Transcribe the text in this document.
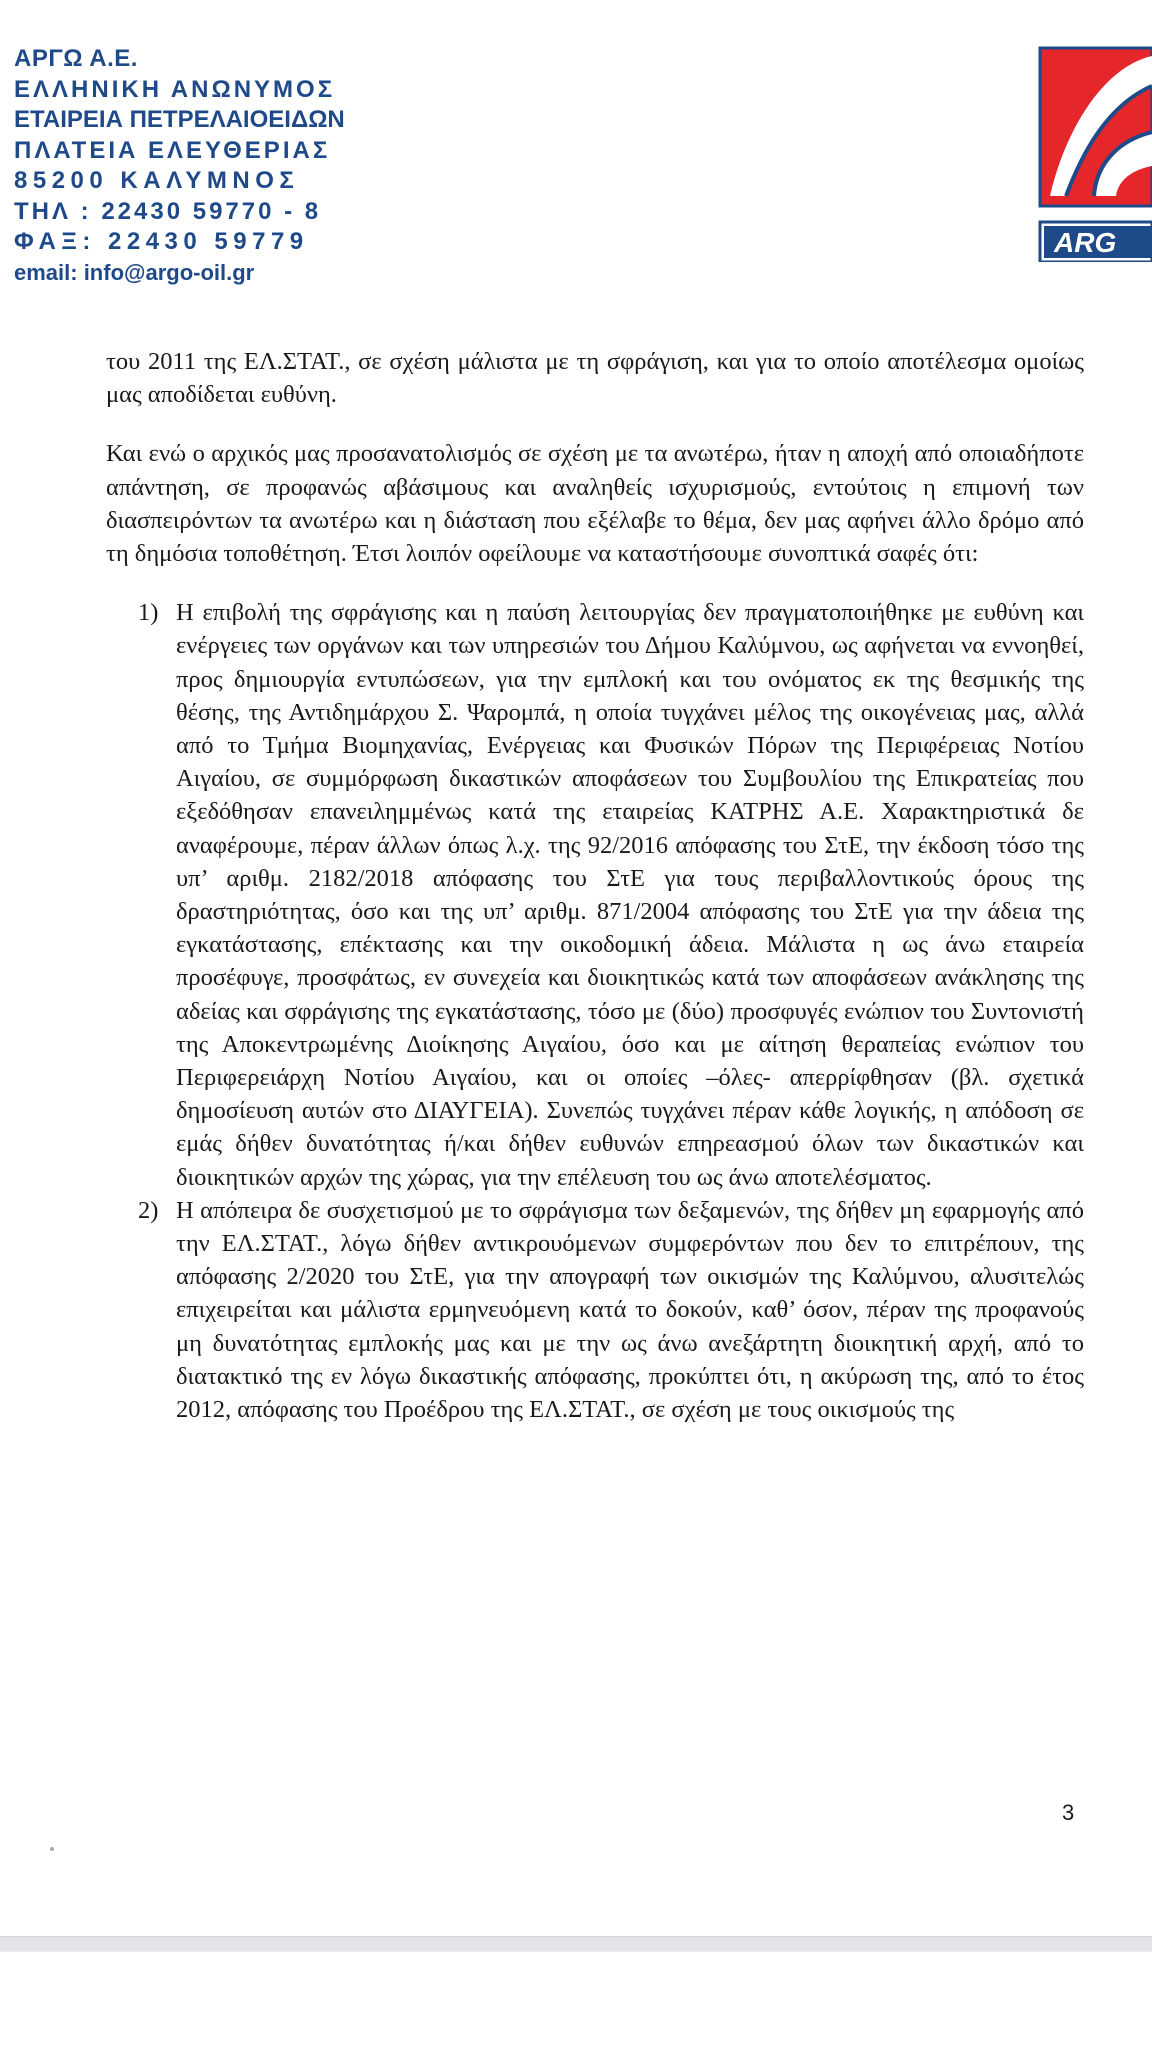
ΑΡΓΩ Α.Ε.
ΕΛΛΗΝΙΚΗ ΑΝΩΝΥΜΟΣ
ΕΤΑΙΡΕΙΑ ΠΕΤΡΕΛΑΙΟΕΙΔΩΝ
ΠΛΑΤΕΙΑ ΕΛΕΥΘΕΡΙΑΣ
85200 ΚΑΛΥΜΝΟΣ
ΤΗΛ : 22430 59770 - 8
ΦΑΞ: 22430 59779
email: info@argo-oil.gr
ARG

του 2011 της ΕΛ.ΣΤΑΤ., σε σχέση μάλιστα με τη σφράγιση, και για το οποίο αποτέλεσμα ομοίως μας αποδίδεται ευθύνη.

Και ενώ ο αρχικός μας προσανατολισμός σε σχέση με τα ανωτέρω, ήταν η αποχή από οποιαδήποτε απάντηση, σε προφανώς αβάσιμους και αναληθείς ισχυρισμούς, εντούτοις η επιμονή των διασπειρόντων τα ανωτέρω και η διάσταση που εξέλαβε το θέμα, δεν μας αφήνει άλλο δρόμο από τη δημόσια τοποθέτηση. Έτσι λοιπόν οφείλουμε να καταστήσουμε συνοπτικά σαφές ότι:

1) Η επιβολή της σφράγισης και η παύση λειτουργίας δεν πραγματοποιήθηκε με ευθύνη και ενέργειες των οργάνων και των υπηρεσιών του Δήμου Καλύμνου, ως αφήνεται να εννοηθεί, προς δημιουργία εντυπώσεων, για την εμπλοκή και του ονόματος εκ της θεσμικής της θέσης, της Αντιδημάρχου Σ. Ψαρομπά, η οποία τυγχάνει μέλος της οικογένειας μας, αλλά από το Τμήμα Βιομηχανίας, Ενέργειας και Φυσικών Πόρων της Περιφέρειας Νοτίου Αιγαίου, σε συμμόρφωση δικαστικών αποφάσεων του Συμβουλίου της Επικρατείας που εξεδόθησαν επανειλημμένως κατά της εταιρείας ΚΑΤΡΗΣ Α.Ε. Χαρακτηριστικά δε αναφέρουμε, πέραν άλλων όπως λ.χ. της 92/2016 απόφασης του ΣτΕ, την έκδοση τόσο της υπ’ αριθμ. 2182/2018 απόφασης του ΣτΕ για τους περιβαλλοντικούς όρους της δραστηριότητας, όσο και της υπ’ αριθμ. 871/2004 απόφασης του ΣτΕ για την άδεια της εγκατάστασης, επέκτασης και την οικοδομική άδεια. Μάλιστα η ως άνω εταιρεία προσέφυγε, προσφάτως, εν συνεχεία και διοικητικώς κατά των αποφάσεων ανάκλησης της αδείας και σφράγισης της εγκατάστασης, τόσο με (δύο) προσφυγές ενώπιον του Συντονιστή της Αποκεντρωμένης Διοίκησης Αιγαίου, όσο και με αίτηση θεραπείας ενώπιον του Περιφερειάρχη Νοτίου Αιγαίου, και οι οποίες –όλες- απερρίφθησαν (βλ. σχετικά δημοσίευση αυτών στο ΔΙΑΥΓΕΙΑ). Συνεπώς τυγχάνει πέραν κάθε λογικής, η απόδοση σε εμάς δήθεν δυνατότητας ή/και δήθεν ευθυνών επηρεασμού όλων των δικαστικών και διοικητικών αρχών της χώρας, για την επέλευση του ως άνω αποτελέσματος.
2) Η απόπειρα δε συσχετισμού με το σφράγισμα των δεξαμενών, της δήθεν μη εφαρμογής από την ΕΛ.ΣΤΑΤ., λόγω δήθεν αντικρουόμενων συμφερόντων που δεν το επιτρέπουν, της απόφασης 2/2020 του ΣτΕ, για την απογραφή των οικισμών της Καλύμνου, αλυσιτελώς επιχειρείται και μάλιστα ερμηνευόμενη κατά το δοκούν, καθ’ όσον, πέραν της προφανούς μη δυνατότητας εμπλοκής μας και με την ως άνω ανεξάρτητη διοικητική αρχή, από το διατακτικό της εν λόγω δικαστικής απόφασης, προκύπτει ότι, η ακύρωση της, από το έτος 2012, απόφασης του Προέδρου της ΕΛ.ΣΤΑΤ., σε σχέση με τους οικισμούς της
3
